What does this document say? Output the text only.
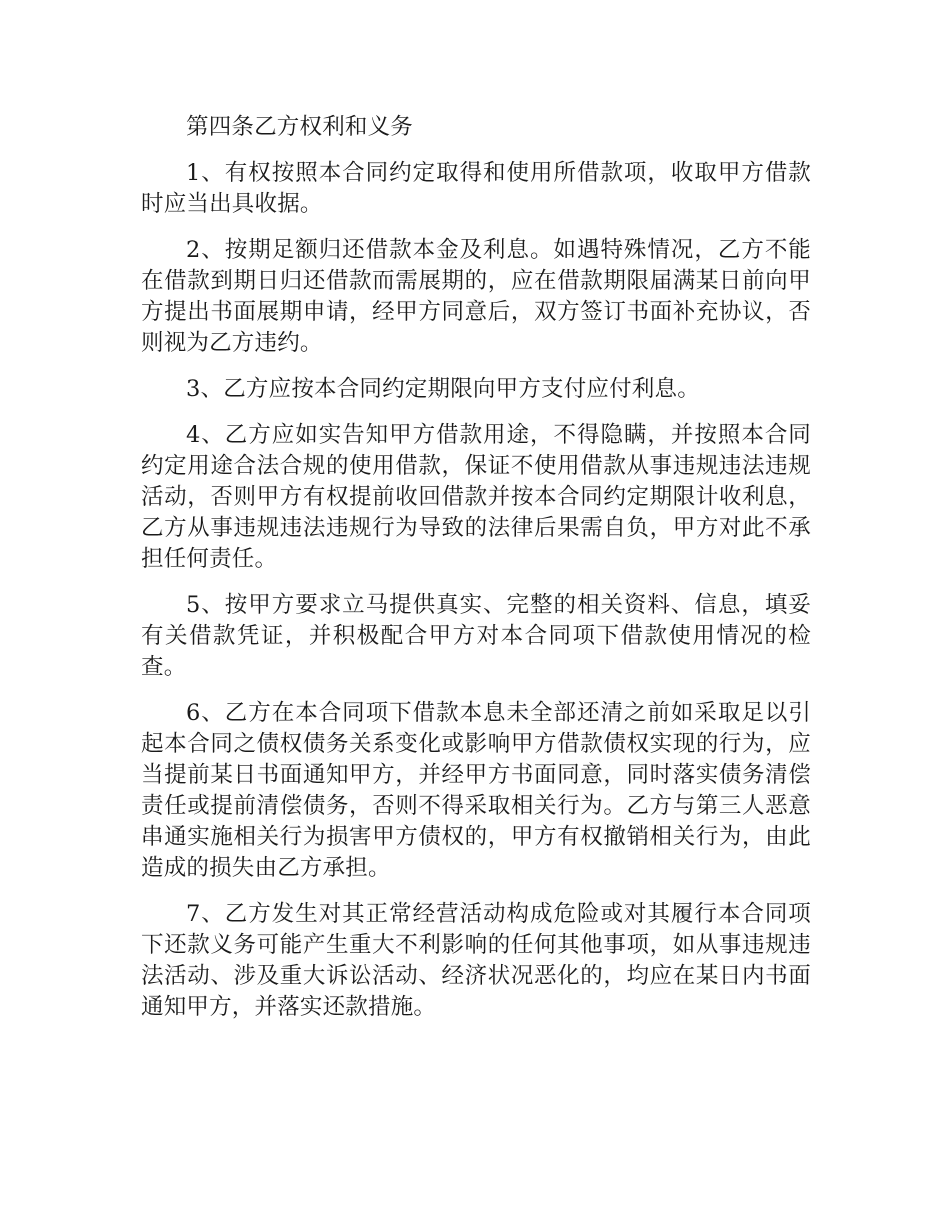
第四条乙方权利和义务

1、有权按照本合同约定取得和使用所借款项，收取甲方借款时应当出具收据。

2、按期足额归还借款本金及利息。如遇特殊情况，乙方不能在借款到期日归还借款而需展期的，应在借款期限届满某日前向甲方提出书面展期申请，经甲方同意后，双方签订书面补充协议，否则视为乙方违约。

3、乙方应按本合同约定期限向甲方支付应付利息。

4、乙方应如实告知甲方借款用途，不得隐瞒，并按照本合同约定用途合法合规的使用借款，保证不使用借款从事违规违法违规活动，否则甲方有权提前收回借款并按本合同约定期限计收利息，乙方从事违规违法违规行为导致的法律后果需自负，甲方对此不承担任何责任。

5、按甲方要求立马提供真实、完整的相关资料、信息，填妥有关借款凭证，并积极配合甲方对本合同项下借款使用情况的检查。

6、乙方在本合同项下借款本息未全部还清之前如采取足以引起本合同之债权债务关系变化或影响甲方借款债权实现的行为，应当提前某日书面通知甲方，并经甲方书面同意，同时落实债务清偿责任或提前清偿债务，否则不得采取相关行为。乙方与第三人恶意串通实施相关行为损害甲方债权的，甲方有权撤销相关行为，由此造成的损失由乙方承担。

7、乙方发生对其正常经营活动构成危险或对其履行本合同项下还款义务可能产生重大不利影响的任何其他事项，如从事违规违法活动、涉及重大诉讼活动、经济状况恶化的，均应在某日内书面通知甲方，并落实还款措施。
